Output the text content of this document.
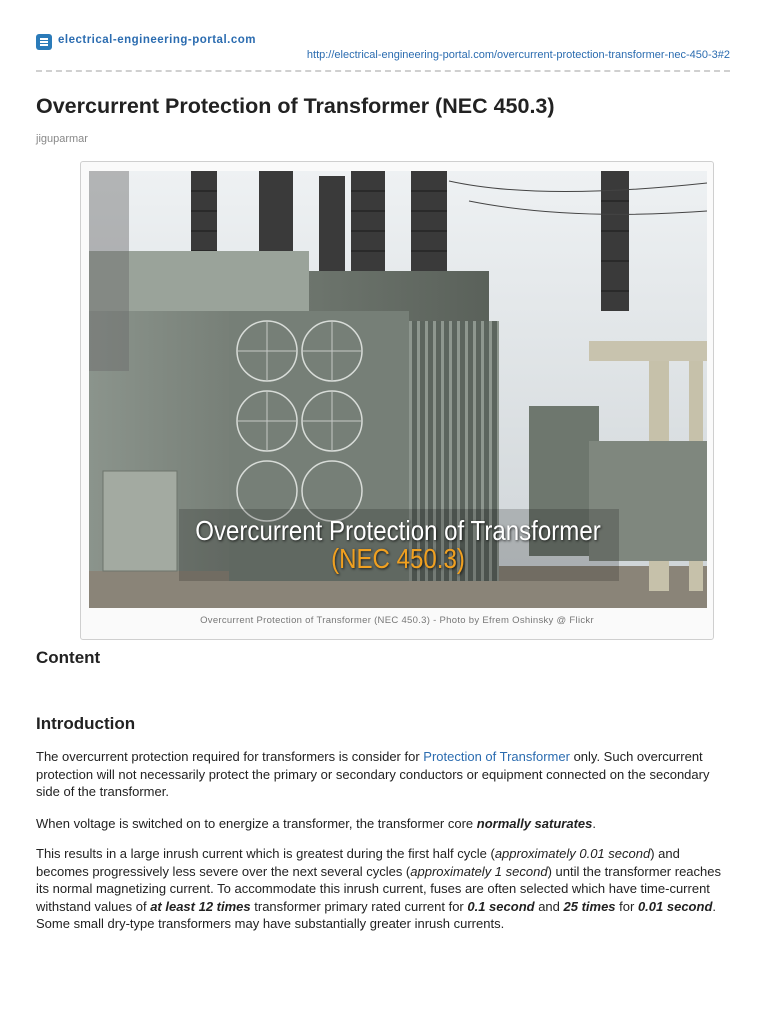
electrical-engineering-portal.com
http://electrical-engineering-portal.com/overcurrent-protection-transformer-nec-450-3#2
Overcurrent Protection of Transformer (NEC 450.3)
jiguparmar
Overcurrent Protection of Transformer
(NEC 450.3)
Overcurrent Protection of Transformer (NEC 450.3) - Photo by Efrem Oshinsky @ Flickr
Content
Introduction

The overcurrent protection required for transformers is consider for Protection of Transformer only. Such overcurrent protection will not necessarily protect the primary or secondary conductors or equipment connected on the secondary side of the transformer.

When voltage is switched on to energize a transformer, the transformer core normally saturates.

This results in a large inrush current which is greatest during the first half cycle (approximately 0.01 second) and becomes progressively less severe over the next several cycles (approximately 1 second) until the transformer reaches its normal magnetizing current. To accommodate this inrush current, fuses are often selected which have time-current withstand values of at least 12 times transformer primary rated current for 0.1 second and 25 times for 0.01 second. Some small dry-type transformers may have substantially greater inrush currents.
